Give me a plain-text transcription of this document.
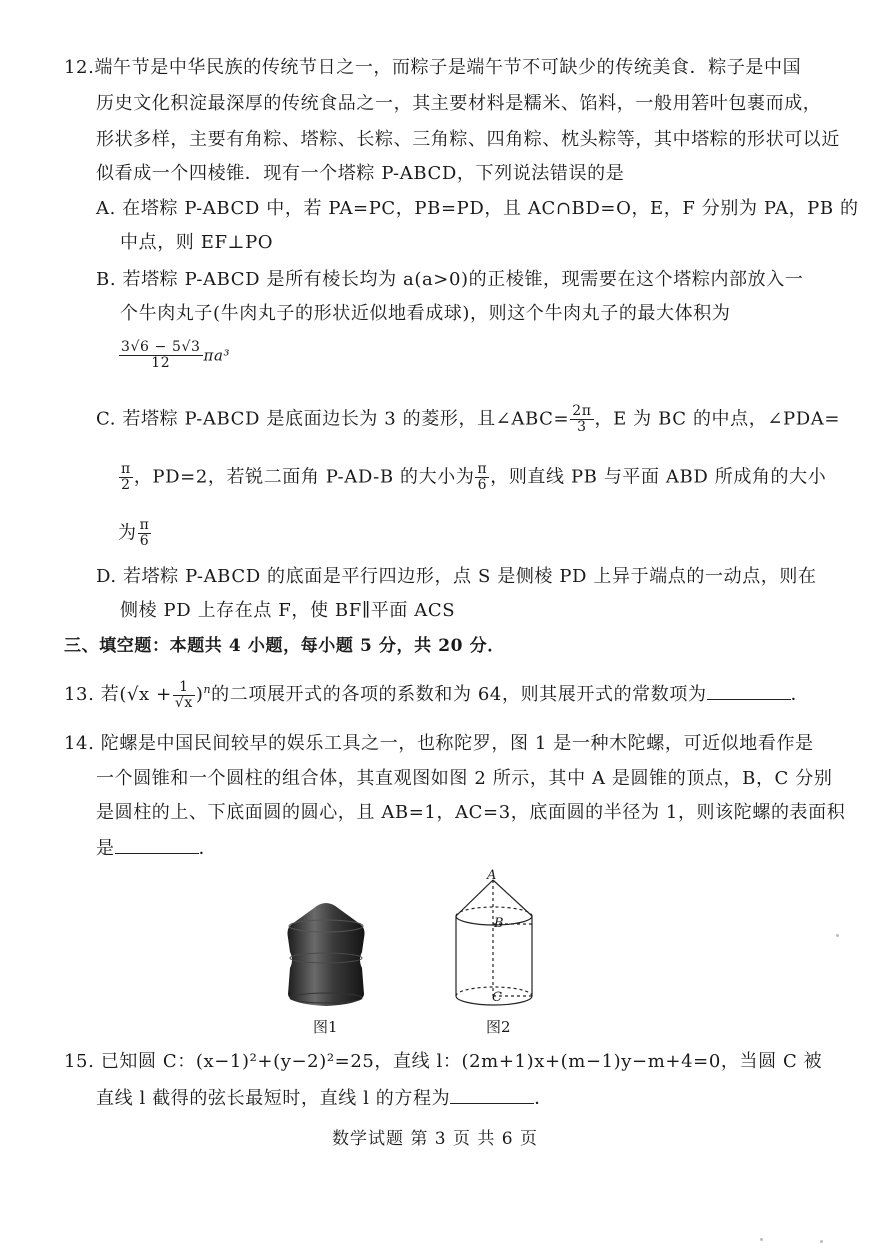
12.端午节是中华民族的传统节日之一，而粽子是端午节不可缺少的传统美食．粽子是中国
历史文化积淀最深厚的传统食品之一，其主要材料是糯米、馅料，一般用箬叶包裹而成，
形状多样，主要有角粽、塔粽、长粽、三角粽、四角粽、枕头粽等，其中塔粽的形状可以近
似看成一个四棱锥．现有一个塔粽 P-ABCD，下列说法错误的是
A. 在塔粽 P-ABCD 中，若 PA=PC，PB=PD，且 AC∩BD=O，E，F 分别为 PA，PB 的
中点，则 EF⊥PO
B. 若塔粽 P-ABCD 是所有棱长均为 a(a>0)的正棱锥，现需要在这个塔粽内部放入一
个牛肉丸子(牛肉丸子的形状近似地看成球)，则这个牛肉丸子的最大体积为
$\frac{3√6 - 5√3}{12} \pi a^3$
C. 若塔粽 P-ABCD 是底面边长为 3 的菱形，且∠ABC= $\frac{2\pi}{3}$ ，E 为 BC 的中点，∠PDA=
$\frac{\pi}{2}$ ，PD=2，若锐二面角 P-AD-B 的大小为 $\frac{\pi}{6}$ ，则直线 PB 与平面 ABD 所成角的大小
为 $\frac{\pi}{6}$
D. 若塔粽 P-ABCD 的底面是平行四边形，点 S 是侧棱 PD 上异于端点的一动点，则在
侧棱 PD 上存在点 F，使 BF∥平面 ACS
三、填空题：本题共 4 小题，每小题 5 分，共 20 分．
13. 若$(√x + \frac{1}{√x} )^n$的二项展开式的各项的系数和为 64，则其展开式的常数项为	．
14. 陀螺是中国民间较早的娱乐工具之一，也称陀罗，图 1 是一种木陀螺，可近似地看作是
一个圆锥和一个圆柱的组合体，其直观图如图 2 所示，其中 A 是圆锥的顶点，B，C 分别
是圆柱的上、下底面圆的圆心，且 AB=1，AC=3，底面圆的半径为 1，则该陀螺的表面积
是	．
图1
A
B
C
图2
15. 已知圆 C：(x−1)²+(y−2)²=25，直线 l：(2m+1)x+(m−1)y−m+4=0，当圆 C 被
直线 l 截得的弦长最短时，直线 l 的方程为	．
数学试题 第 3 页 共 6 页
